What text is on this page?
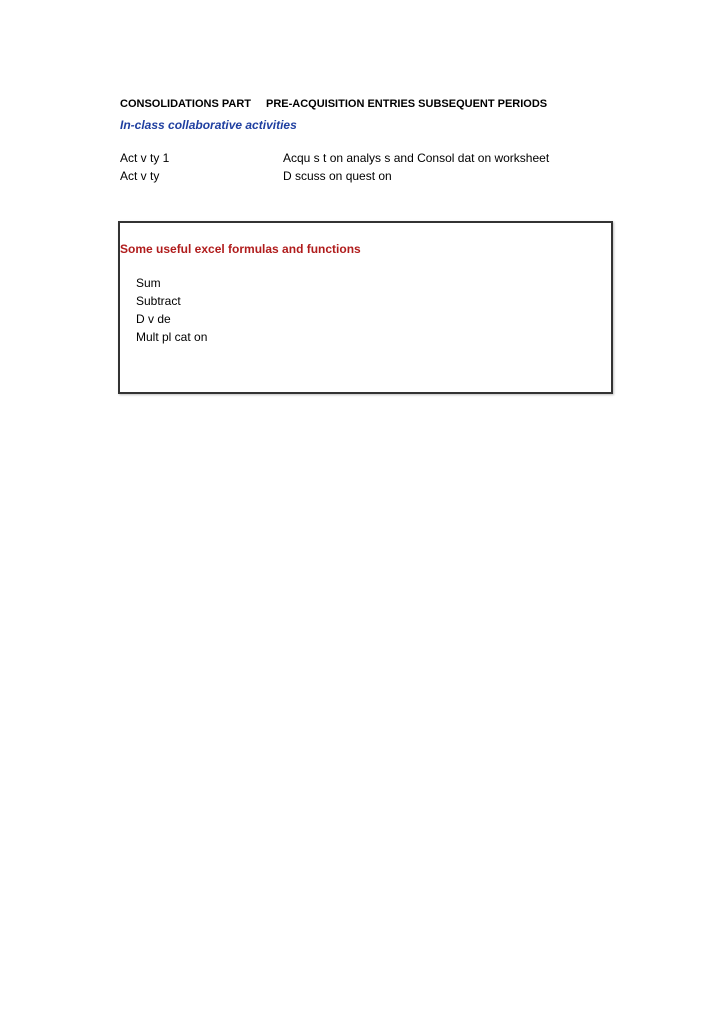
CONSOLIDATIONS PART PRE-ACQUISITION ENTRIES SUBSEQUENT PERIODS
In-class collaborative activities
Act v ty 1	Acqu s t on analys s and Consol dat on worksheet
Act v ty	D scuss on quest on
Some useful excel formulas and functions
Sum
Subtract
D v de
Mult pl cat on
